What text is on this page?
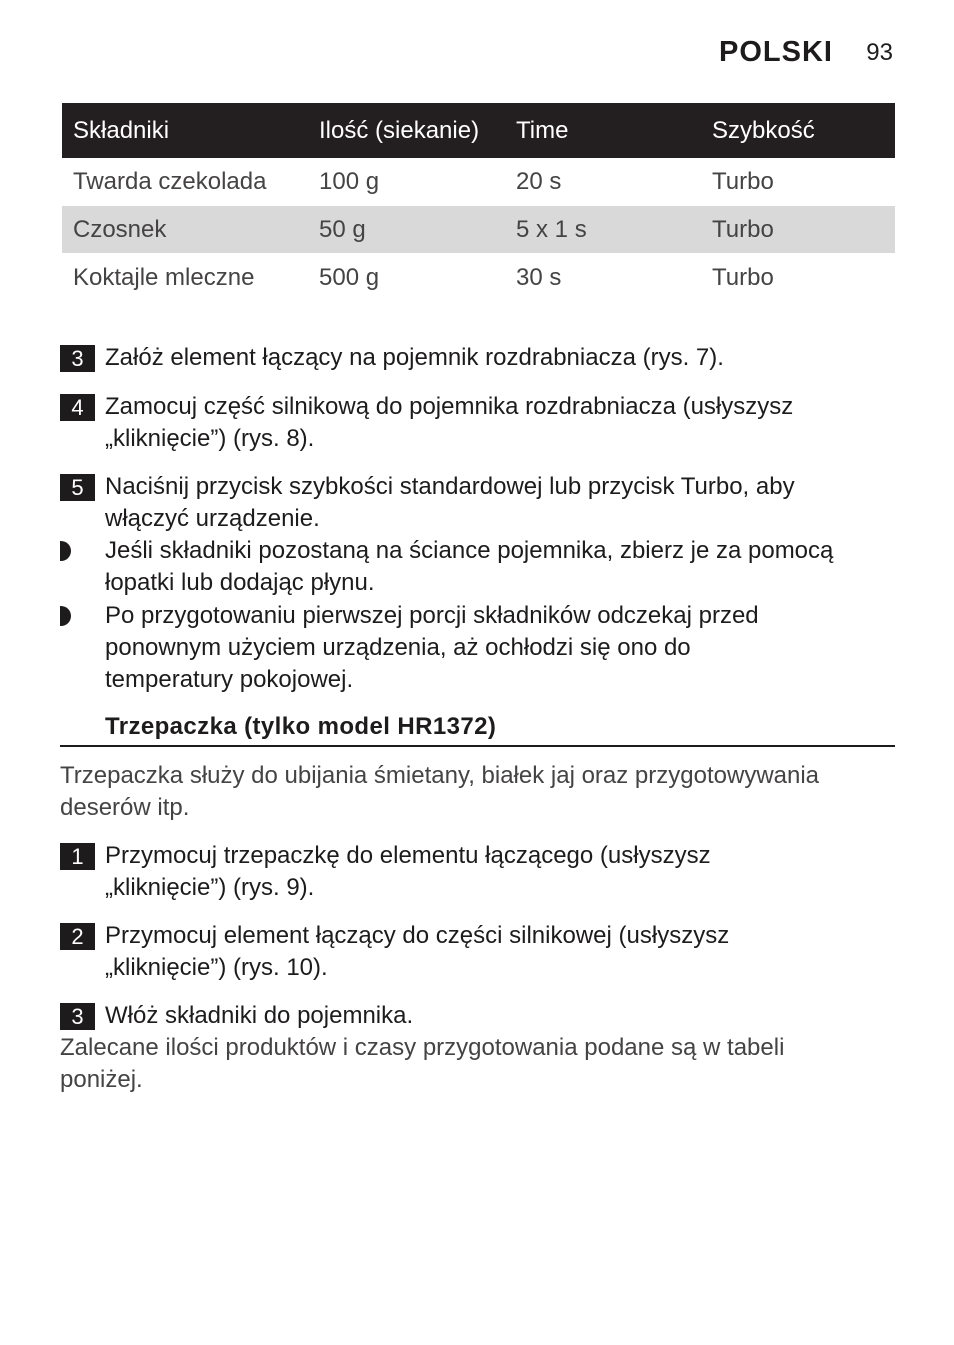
POLSKI 93
Składniki	Ilość (siekanie)	Time	Szybkość
Twarda czekolada	100 g	20 s	Turbo
Czosnek	50 g	5 x 1 s	Turbo
Koktajle mleczne	500 g	30 s	Turbo
3 Załóż element łączący na pojemnik rozdrabniacza (rys. 7).
4 Zamocuj część silnikową do pojemnika rozdrabniacza (usłyszysz
„kliknięcie”) (rys. 8).
5 Naciśnij przycisk szybkości standardowej lub przycisk Turbo, aby
włączyć urządzenie.
Jeśli składniki pozostaną na ściance pojemnika, zbierz je za pomocą
łopatki lub dodając płynu.
Po przygotowaniu pierwszej porcji składników odczekaj przed
ponownym użyciem urządzenia, aż ochłodzi się ono do
temperatury pokojowej.
Trzepaczka (tylko model HR1372)
Trzepaczka służy do ubijania śmietany, białek jaj oraz przygotowywania
deserów itp.
1 Przymocuj trzepaczkę do elementu łączącego (usłyszysz
„kliknięcie”) (rys. 9).
2 Przymocuj element łączący do części silnikowej (usłyszysz
„kliknięcie”) (rys. 10).
3 Włóż składniki do pojemnika.
Zalecane ilości produktów i czasy przygotowania podane są w tabeli
poniżej.
